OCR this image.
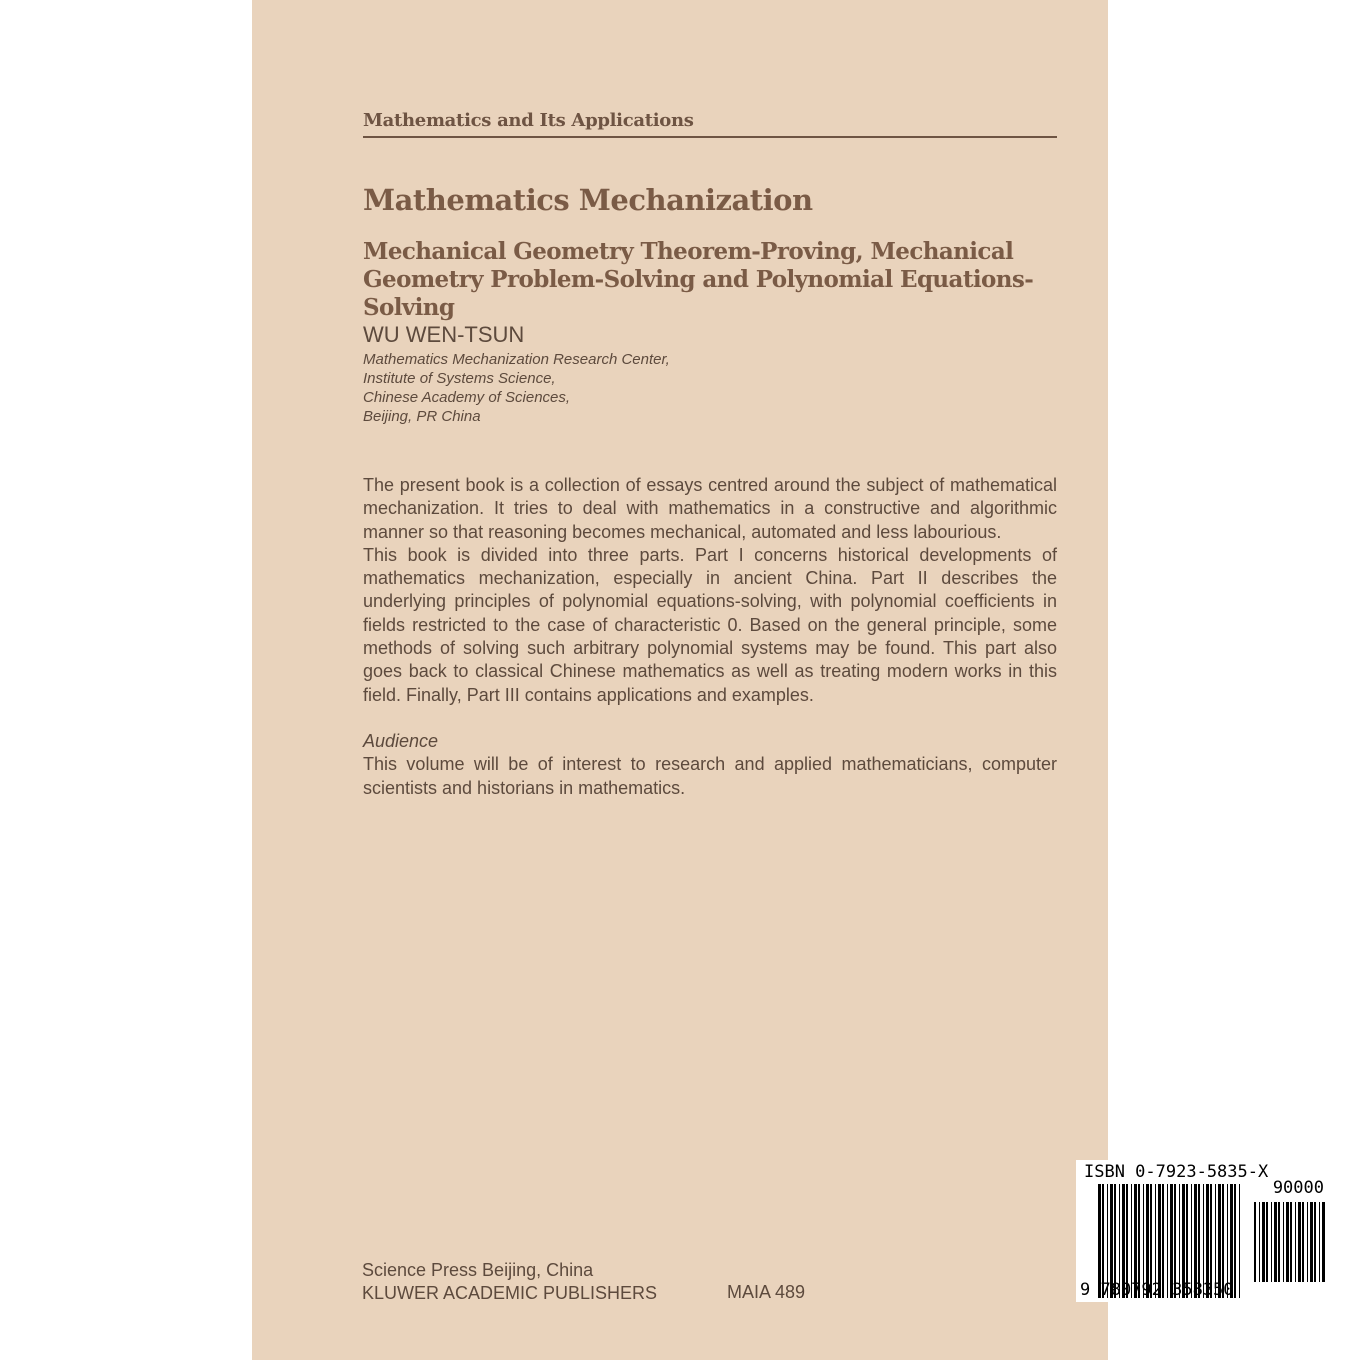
Mathematics and Its Applications
Mathematics Mechanization
Mechanical Geometry Theorem-Proving, Mechanical Geometry Problem-Solving and Polynomial Equations-Solving
WU WEN-TSUN
Mathematics Mechanization Research Center,
Institute of Systems Science,
Chinese Academy of Sciences,
Beijing, PR China

The present book is a collection of essays centred around the subject of mathematical mechanization. It tries to deal with mathematics in a constructive and algorithmic manner so that reasoning becomes mechanical, automated and less labourious.

This book is divided into three parts. Part I concerns historical developments of mathematics mechanization, especially in ancient China. Part II describes the underlying principles of polynomial equations-solving, with polynomial coefficients in fields restricted to the case of characteristic 0. Based on the general principle, some methods of solving such arbitrary polynomial systems may be found. This part also goes back to classical Chinese mathematics as well as treating modern works in this field. Finally, Part III contains applications and examples.

Audience

This volume will be of interest to research and applied mathematicians, computer scientists and historians in mathematics.

Science Press Beijing, China
KLUWER ACADEMIC PUBLISHERS	MAIA 489
ISBN 0-7923-5835-X
90000
9 780792 358350
